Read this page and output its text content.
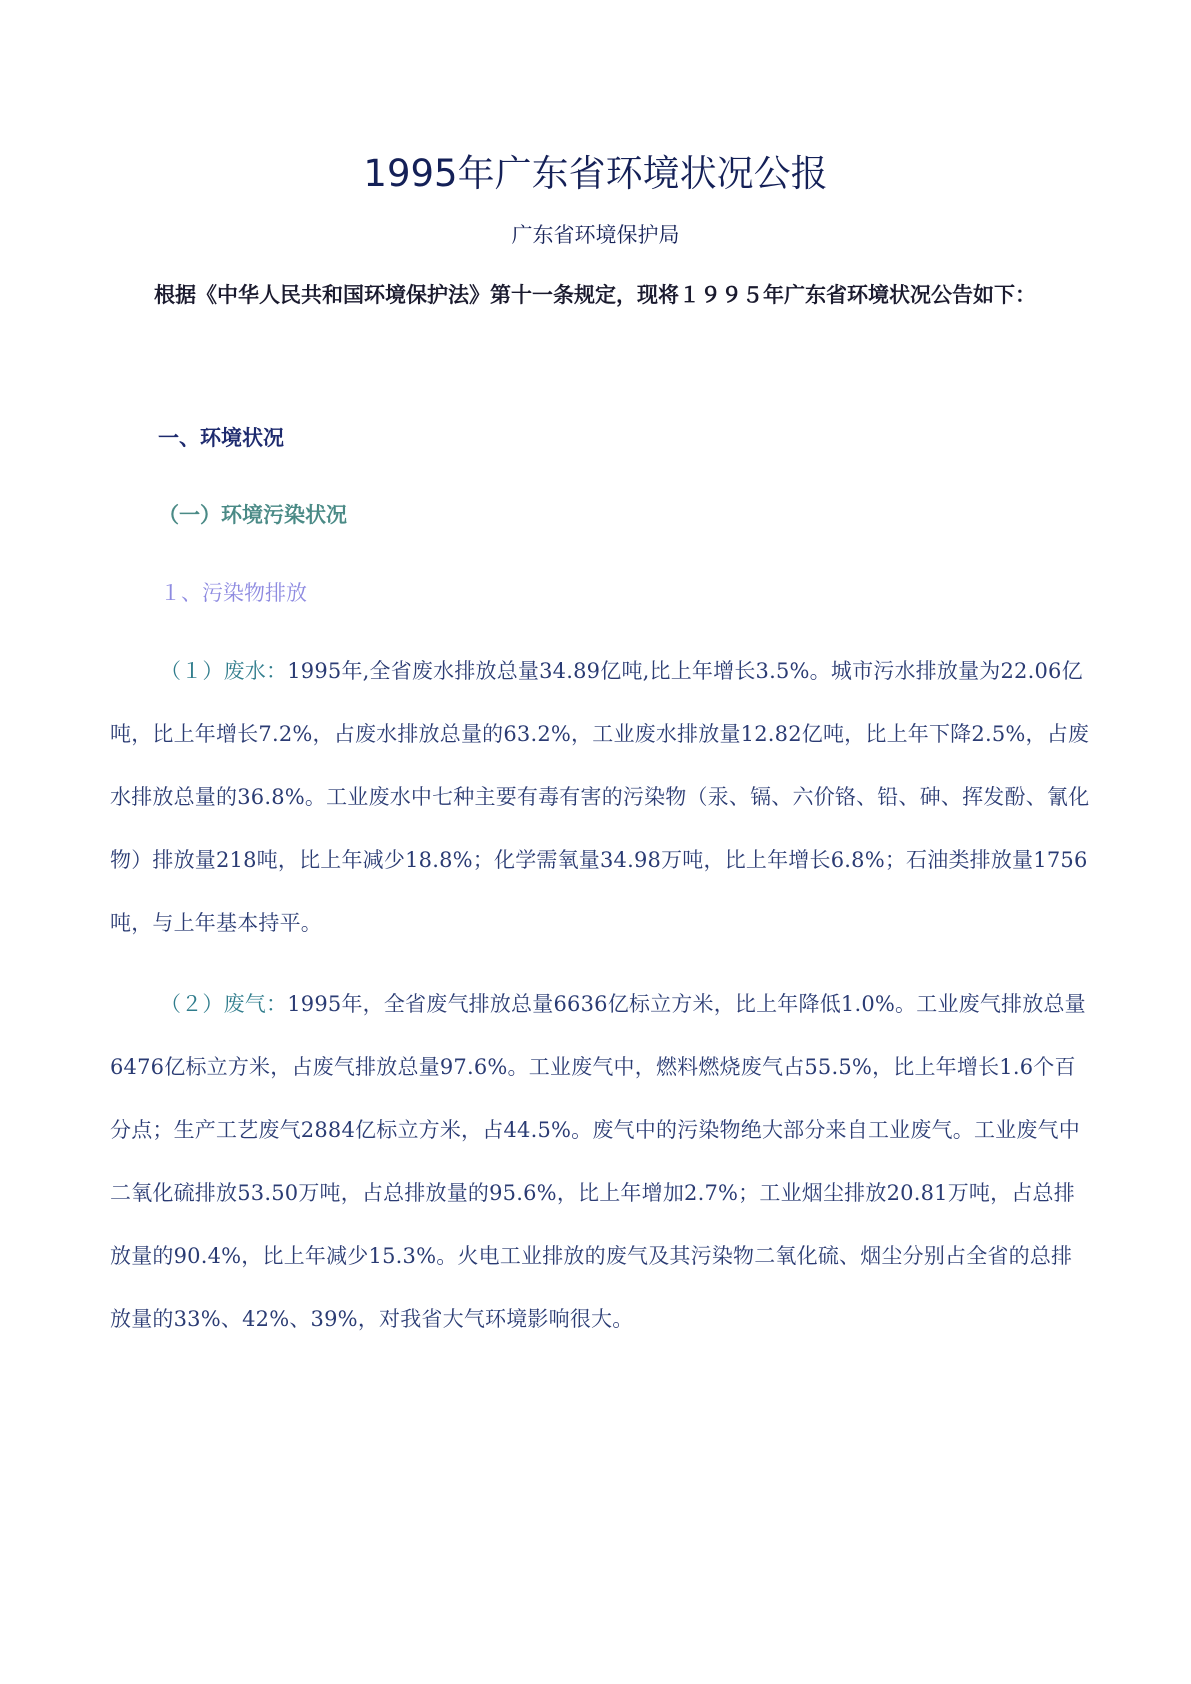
1995年广东省环境状况公报
广东省环境保护局

根据《中华人民共和国环境保护法》第十一条规定，现将１９９５年广东省环境状况公告如下：

一、环境状况
（一）环境污染状况
１、污染物排放

（１）废水：1995年,全省废水排放总量34.89亿吨,比上年增长3.5%。城市污水排放量为22.06亿吨，比上年增长7.2%，占废水排放总量的63.2%，工业废水排放量12.82亿吨，比上年下降2.5%，占废水排放总量的36.8%。工业废水中七种主要有毒有害的污染物（汞、镉、六价铬、铅、砷、挥发酚、氰化物）排放量218吨，比上年减少18.8%；化学需氧量34.98万吨，比上年增长6.8%；石油类排放量1756吨，与上年基本持平。

（２）废气：1995年，全省废气排放总量6636亿标立方米，比上年降低1.0%。工业废气排放总量6476亿标立方米，占废气排放总量97.6%。工业废气中，燃料燃烧废气占55.5%，比上年增长1.6个百分点；生产工艺废气2884亿标立方米，占44.5%。废气中的污染物绝大部分来自工业废气。工业废气中二氧化硫排放53.50万吨，占总排放量的95.6%，比上年增加2.7%；工业烟尘排放20.81万吨，占总排放量的90.4%，比上年减少15.3%。火电工业排放的废气及其污染物二氧化硫、烟尘分别占全省的总排放量的33%、42%、39%，对我省大气环境影响很大。
